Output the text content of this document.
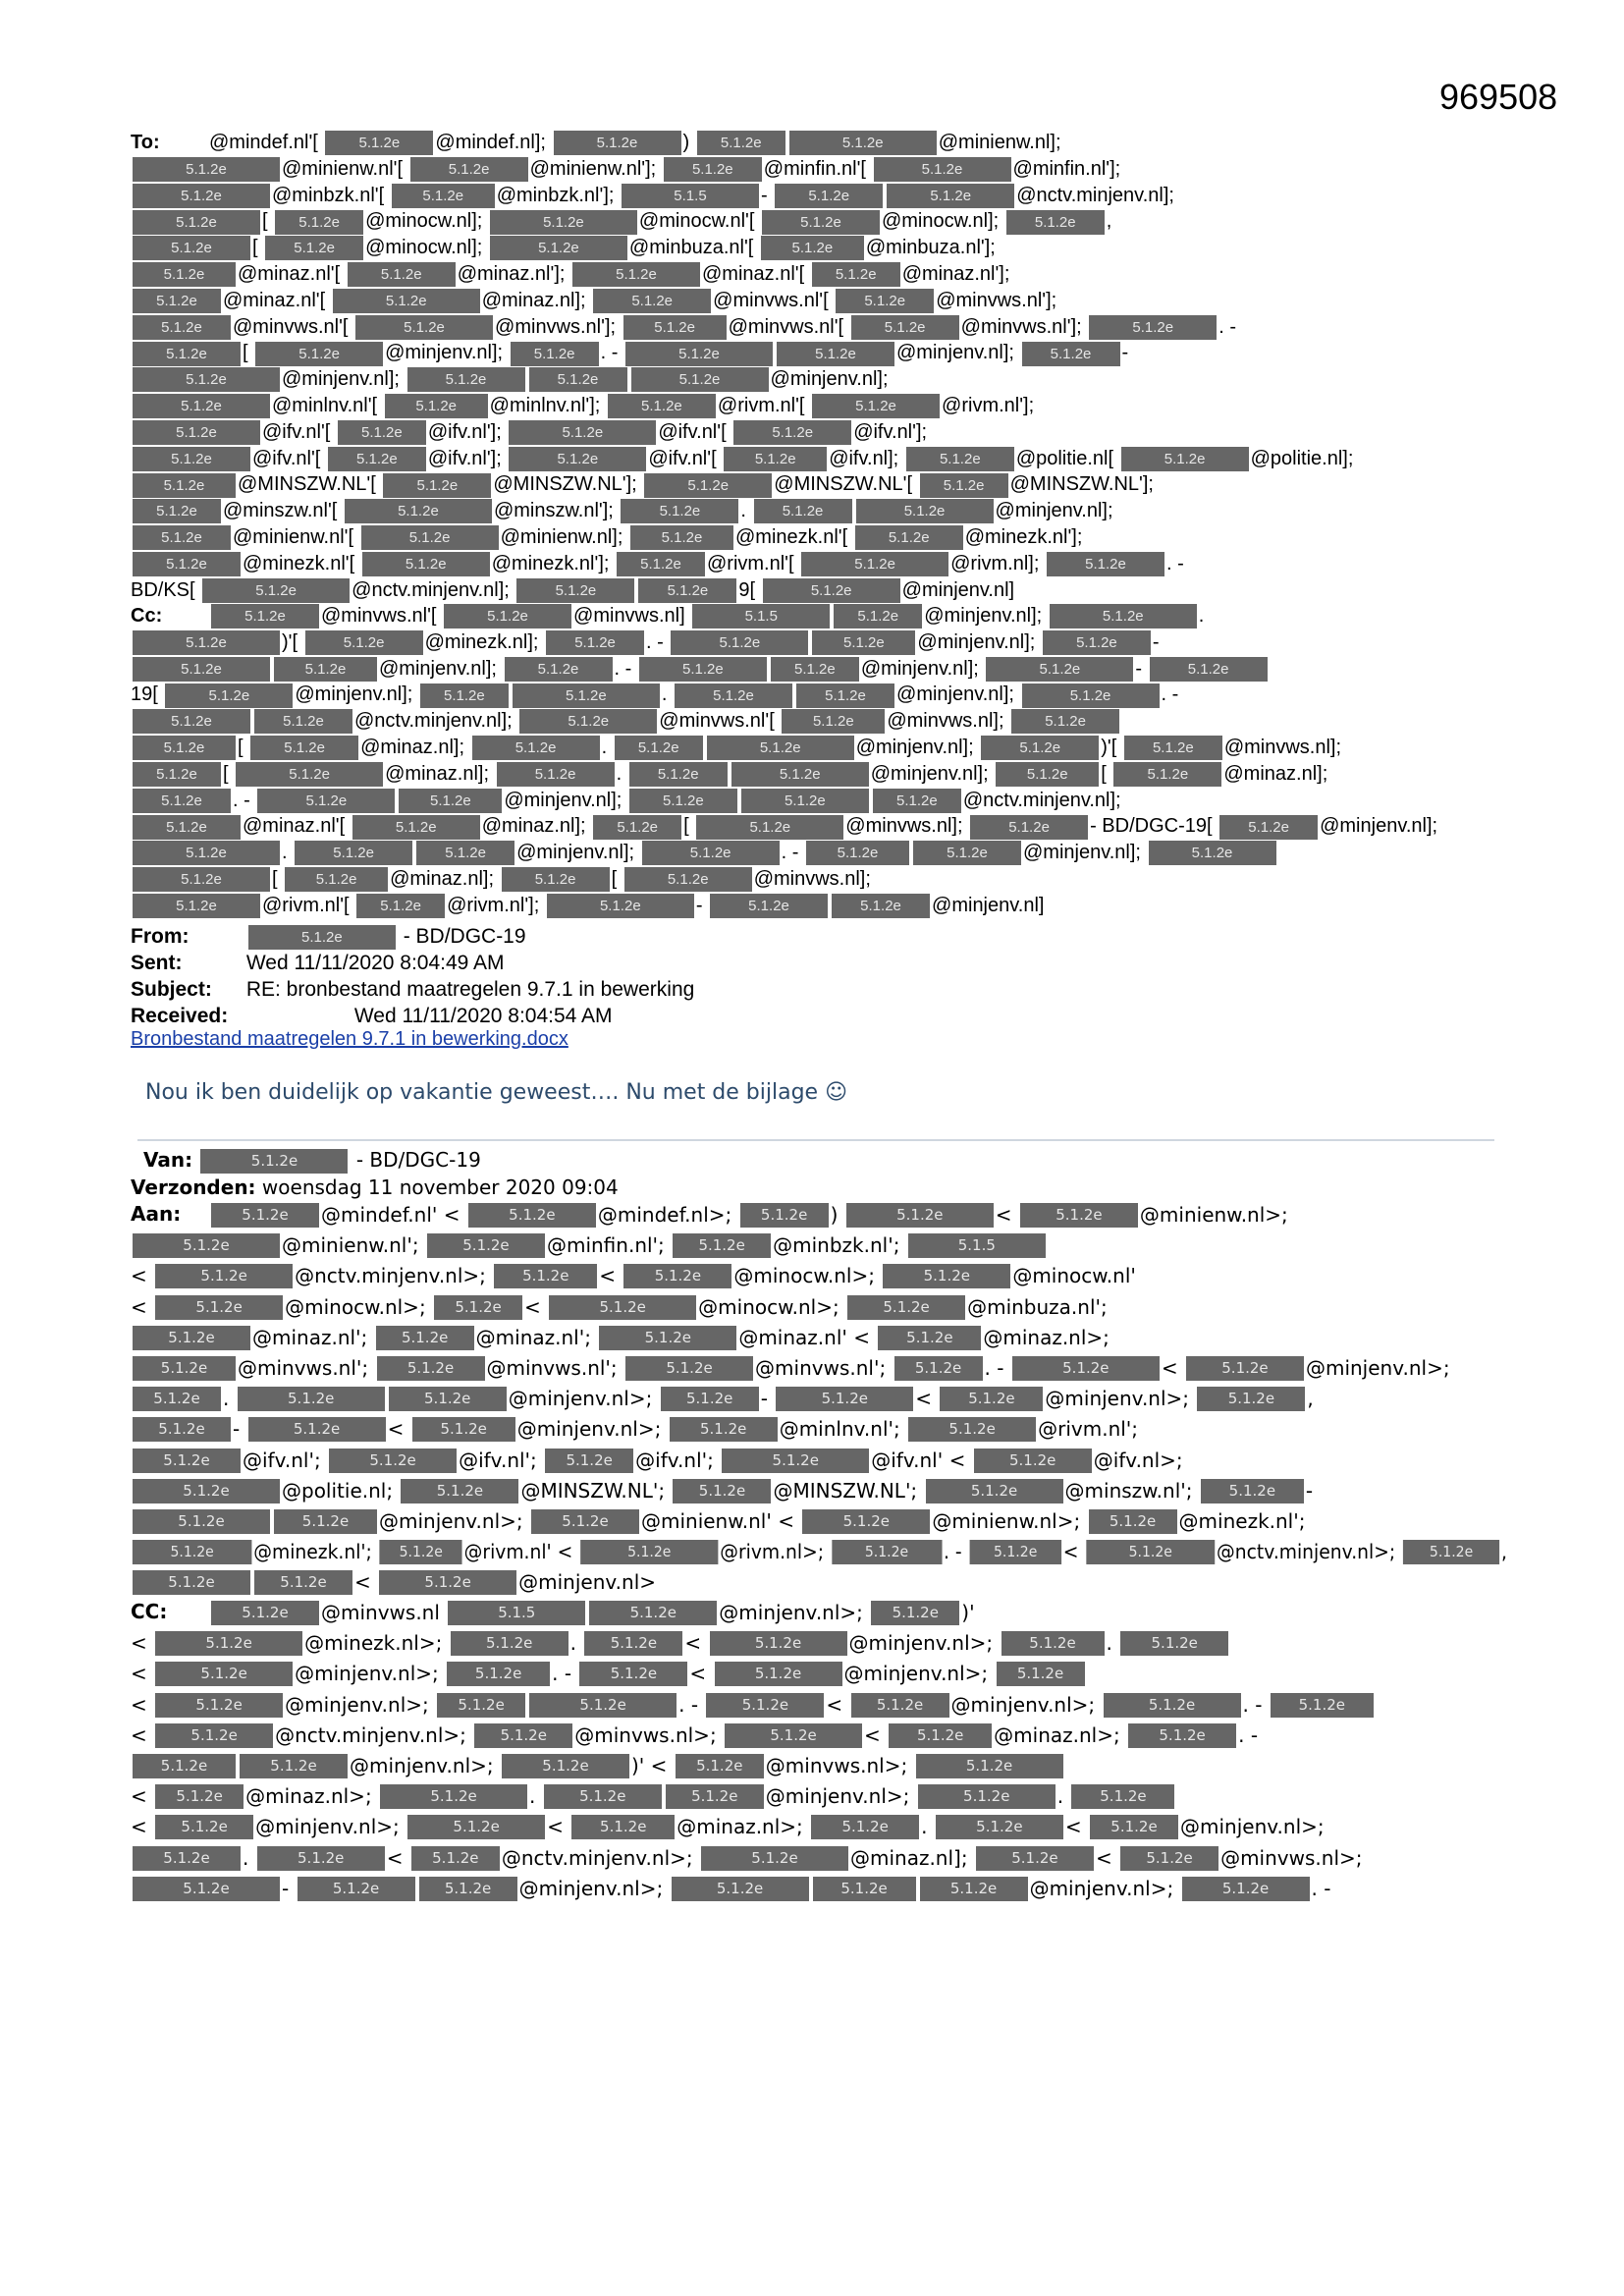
969508
To:	@mindef.nl'[ 5.1.2e @mindef.nl];	5.1.2e ) 5.1.2e	5.1.2e	@minienw.nl];
5.1.2e	@minienw.nl'[	5.1.2e @minienw.nl']; 5.1.2e @minfin.nl'[	5.1.2e	@minfin.nl'];
5.1.2e	@minbzk.nl'[ 5.1.2e @minbzk.nl'];	5.1.5	- 5.1.2e	5.1.2e @nctv.minjenv.nl];
5.1.2e [ 5.1.2e @minocw.nl];	5.1.2e	@minocw.nl'[	5.1.2e @minocw.nl]; 5.1.2e ,
5.1.2e [ 5.1.2e @minocw.nl];	5.1.2e	@minbuza.nl'[ 5.1.2e @minbuza.nl'];
5.1.2e @minaz.nl'[ 5.1.2e @minaz.nl'];	5.1.2e @minaz.nl'[ 5.1.2e @minaz.nl'];
5.1.2e @minaz.nl'[	5.1.2e	@minaz.nl];	5.1.2e @minvws.nl'[ 5.1.2e @minvws.nl'];
5.1.2e @minvws.nl'[	5.1.2e	@minvws.nl']; 5.1.2e @minvws.nl'[ 5.1.2e @minvws.nl'];	5.1.2e . -
5.1.2e [	5.1.2e @minjenv.nl]; 5.1.2e . -	5.1.2e	5.1.2e @minjenv.nl]; 5.1.2e -
5.1.2e	@minjenv.nl];	5.1.2e	5.1.2e	5.1.2e	@minjenv.nl];
5.1.2e	@minlnv.nl'[ 5.1.2e @minlnv.nl']; 5.1.2e @rivm.nl'[	5.1.2e @rivm.nl'];
5.1.2e @ifv.nl'[ 5.1.2e @ifv.nl'];	5.1.2e	@ifv.nl'[	5.1.2e @ifv.nl'];
5.1.2e @ifv.nl'[ 5.1.2e @ifv.nl'];	5.1.2e	@ifv.nl'[ 5.1.2e @ifv.nl]; 5.1.2e @politie.nl[	5.1.2e @politie.nl];
5.1.2e @MINSZW.NL'[ 5.1.2e @MINSZW.NL'];	5.1.2e @MINSZW.NL'[ 5.1.2e @MINSZW.NL'];
5.1.2e @minszw.nl'[	5.1.2e	@minszw.nl'];	5.1.2e . 5.1.2e	5.1.2e	@minjenv.nl];
5.1.2e @minienw.nl'[	5.1.2e	@minienw.nl]; 5.1.2e @minezk.nl'[ 5.1.2e @minezk.nl'];
5.1.2e @minezk.nl'[	5.1.2e @minezk.nl']; 5.1.2e @rivm.nl'[	5.1.2e	@rivm.nl];	5.1.2e . -
BD/KS[	5.1.2e	@nctv.minjenv.nl];	5.1.2e	5.1.2e 9[	5.1.2e	@minjenv.nl]
Cc:	5.1.2e @minvws.nl'[	5.1.2e @minvws.nl]	5.1.5	5.1.2e @minjenv.nl];	5.1.2e	.
5.1.2e	)'[	5.1.2e @minezk.nl]; 5.1.2e . -	5.1.2e	5.1.2e @minjenv.nl]; 5.1.2e -
5.1.2e	5.1.2e @minjenv.nl]; 5.1.2e . -	5.1.2e	5.1.2e @minjenv.nl];	5.1.2e	-	5.1.2e
19[	5.1.2e @minjenv.nl]; 5.1.2e	5.1.2e	.	5.1.2e	5.1.2e @minjenv.nl];	5.1.2e	. -
5.1.2e	5.1.2e @nctv.minjenv.nl];	5.1.2e	@minvws.nl'[ 5.1.2e @minvws.nl]; 5.1.2e
5.1.2e [ 5.1.2e @minaz.nl];	5.1.2e . 5.1.2e	5.1.2e	@minjenv.nl];	5.1.2e )'[ 5.1.2e @minvws.nl];
5.1.2e [	5.1.2e	@minaz.nl];	5.1.2e . 5.1.2e	5.1.2e	@minjenv.nl]; 5.1.2e [ 5.1.2e @minaz.nl];
5.1.2e . -	5.1.2e	5.1.2e @minjenv.nl]; 5.1.2e	5.1.2e	5.1.2e @nctv.minjenv.nl];
5.1.2e @minaz.nl'[	5.1.2e @minaz.nl]; 5.1.2e [	5.1.2e	@minvws.nl];	5.1.2e - BD/DGC-19[ 5.1.2e @minjenv.nl];
5.1.2e	.	5.1.2e	5.1.2e @minjenv.nl];	5.1.2e	. - 5.1.2e	5.1.2e @minjenv.nl];	5.1.2e
5.1.2e	[ 5.1.2e @minaz.nl]; 5.1.2e [	5.1.2e @minvws.nl];
5.1.2e @rivm.nl'[ 5.1.2e @rivm.nl'];	5.1.2e	-	5.1.2e	5.1.2e @minjenv.nl]
From:	5.1.2e	- BD/DGC-19
Sent:	Wed 11/11/2020 8:04:49 AM
Subject: RE: bronbestand maatregelen 9.7.1 in bewerking
Received:	Wed 11/11/2020 8:04:54 AM
Bronbestand maatregelen 9.7.1 in bewerking.docx
Nou ik ben duidelijk op vakantie geweest…. Nu met de bijlage ☺
Van:	5.1.2e	- BD/DGC-19
Verzonden: woensdag 11 november 2020 09:04
Aan:	5.1.2e @mindef.nl' <	5.1.2e @mindef.nl>; 5.1.2e )	5.1.2e	<	5.1.2e @minienw.nl>;
5.1.2e	@minienw.nl';	5.1.2e @minfin.nl'; 5.1.2e @minbzk.nl';	5.1.5
<	5.1.2e @nctv.minjenv.nl>; 5.1.2e < 5.1.2e @minocw.nl>;	5.1.2e @minocw.nl'
<	5.1.2e @minocw.nl>; 5.1.2e <	5.1.2e	@minocw.nl>;	5.1.2e @minbuza.nl';
5.1.2e @minaz.nl'; 5.1.2e @minaz.nl';	5.1.2e @minaz.nl' < 5.1.2e @minaz.nl>;
5.1.2e @minvws.nl'; 5.1.2e @minvws.nl';	5.1.2e @minvws.nl'; 5.1.2e . -	5.1.2e	<	5.1.2e @minjenv.nl>;
5.1.2e .	5.1.2e	5.1.2e @minjenv.nl>; 5.1.2e -	5.1.2e < 5.1.2e @minjenv.nl>; 5.1.2e ,
5.1.2e -	5.1.2e < 5.1.2e @minjenv.nl>; 5.1.2e @minlnv.nl';	5.1.2e @rivm.nl';
5.1.2e @ifv.nl';	5.1.2e @ifv.nl'; 5.1.2e @ifv.nl';	5.1.2e	@ifv.nl' <	5.1.2e @ifv.nl>;
5.1.2e	@politie.nl;	5.1.2e @MINSZW.NL'; 5.1.2e @MINSZW.NL';	5.1.2e @minszw.nl'; 5.1.2e -
5.1.2e	5.1.2e @minjenv.nl>; 5.1.2e @minienw.nl' <	5.1.2e @minienw.nl>; 5.1.2e @minezk.nl';
5.1.2e @minezk.nl'; 5.1.2e @rivm.nl' <	5.1.2e @rivm.nl>; 5.1.2e . - 5.1.2e <	5.1.2e @nctv.minjenv.nl>; 5.1.2e ,
5.1.2e	5.1.2e <	5.1.2e @minjenv.nl>
CC:	5.1.2e @minvws.nl	5.1.5	5.1.2e @minjenv.nl>; 5.1.2e )'
<	5.1.2e	@minezk.nl>;	5.1.2e . 5.1.2e <	5.1.2e @minjenv.nl>; 5.1.2e . 5.1.2e
<	5.1.2e @minjenv.nl>; 5.1.2e . - 5.1.2e <	5.1.2e @minjenv.nl>; 5.1.2e
<	5.1.2e @minjenv.nl>; 5.1.2e	5.1.2e	. -	5.1.2e < 5.1.2e @minjenv.nl>;	5.1.2e . - 5.1.2e
<	5.1.2e @nctv.minjenv.nl>; 5.1.2e @minvws.nl>;	5.1.2e < 5.1.2e @minaz.nl>; 5.1.2e . -
5.1.2e	5.1.2e @minjenv.nl>;	5.1.2e )' < 5.1.2e @minvws.nl>;	5.1.2e
< 5.1.2e @minaz.nl>;	5.1.2e	.	5.1.2e	5.1.2e @minjenv.nl>;	5.1.2e . 5.1.2e
< 5.1.2e @minjenv.nl>;	5.1.2e < 5.1.2e @minaz.nl>; 5.1.2e .	5.1.2e < 5.1.2e @minjenv.nl>;
5.1.2e .	5.1.2e < 5.1.2e @nctv.minjenv.nl>;	5.1.2e	@minaz.nl];	5.1.2e < 5.1.2e @minvws.nl>;
5.1.2e	-	5.1.2e	5.1.2e @minjenv.nl>;	5.1.2e	5.1.2e	5.1.2e @minjenv.nl>;	5.1.2e . -
